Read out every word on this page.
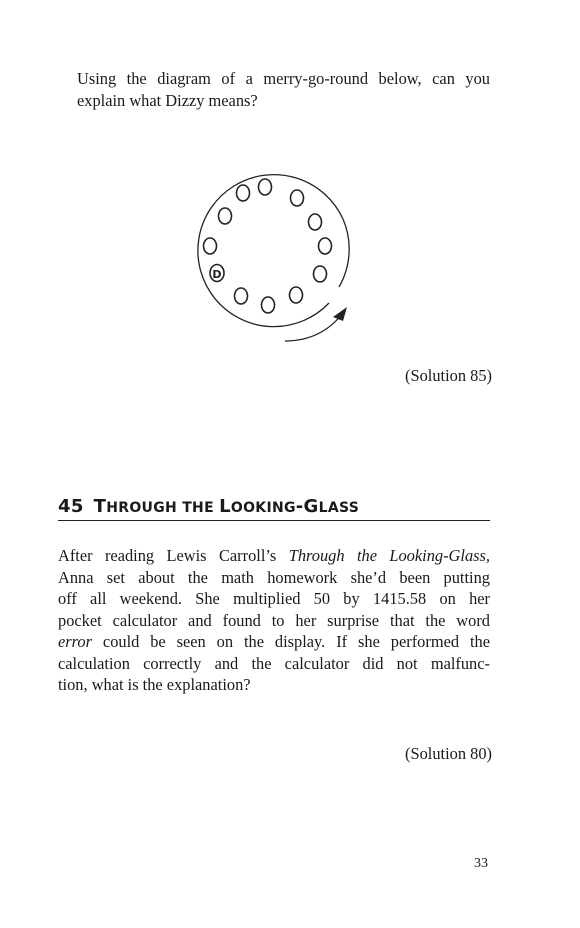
Using the diagram of a merry-go-round below, can you
explain what Dizzy means?
D
(Solution 85)
45 THROUGH THE LOOKING-GLASS
After reading Lewis Carroll’s Through the Looking-Glass,
Anna set about the math homework she’d been putting
off all weekend. She multiplied 50 by 1415.58 on her
pocket calculator and found to her surprise that the word
error could be seen on the display. If she performed the
calculation correctly and the calculator did not malfunc-
tion, what is the explanation?
(Solution 80)
33
